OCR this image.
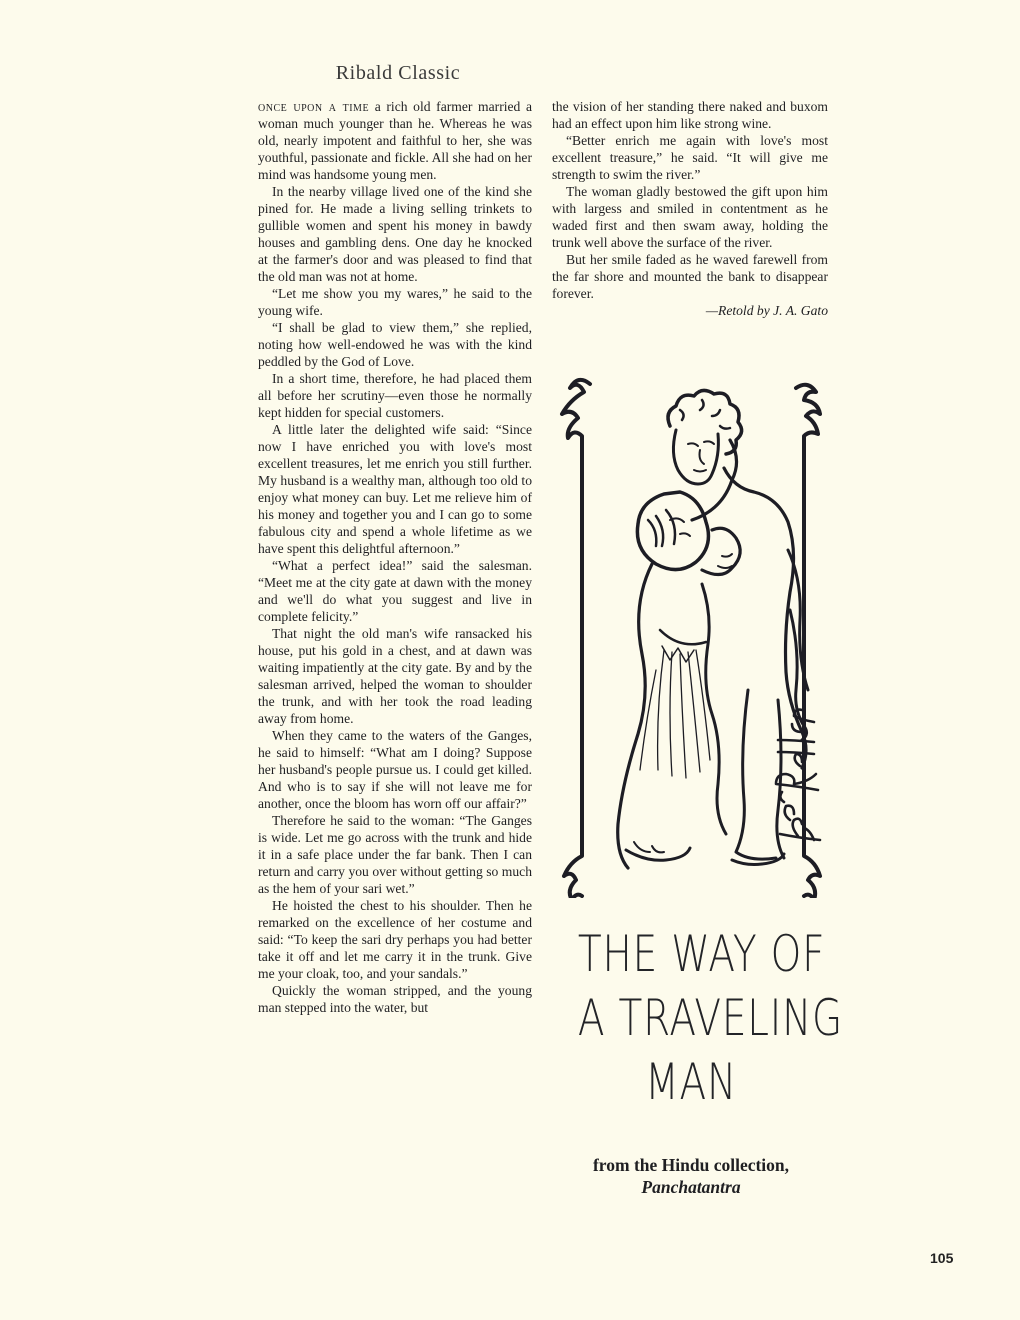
Ribald Classic

once upon a time a rich old farmer married a woman much younger than he. Whereas he was old, nearly impotent and faithful to her, she was youthful, passionate and fickle. All she had on her mind was handsome young men.

In the nearby village lived one of the kind she pined for. He made a living selling trinkets to gullible women and spent his money in bawdy houses and gambling dens. One day he knocked at the farmer's door and was pleased to find that the old man was not at home.

“Let me show you my wares,” he said to the young wife.

“I shall be glad to view them,” she replied, noting how well-endowed he was with the kind peddled by the God of Love.

In a short time, therefore, he had placed them all before her scrutiny—even those he normally kept hidden for special customers.

A little later the delighted wife said: “Since now I have enriched you with love's most excellent treasures, let me enrich you still further. My husband is a wealthy man, although too old to enjoy what money can buy. Let me relieve him of his money and together you and I can go to some fabulous city and spend a whole lifetime as we have spent this delightful afternoon.”

“What a perfect idea!” said the salesman. “Meet me at the city gate at dawn with the money and we'll do what you suggest and live in complete felicity.”

That night the old man's wife ransacked his house, put his gold in a chest, and at dawn was waiting impatiently at the city gate. By and by the salesman arrived, helped the woman to shoulder the trunk, and with her took the road leading away from home.

When they came to the waters of the Ganges, he said to himself: “What am I doing? Suppose her husband's people pursue us. I could get killed. And who is to say if she will not leave me for another, once the bloom has worn off our affair?”

Therefore he said to the woman: “The Ganges is wide. Let me go across with the trunk and hide it in a safe place under the far bank. Then I can return and carry you over without getting so much as the hem of your sari wet.”

He hoisted the chest to his shoulder. Then he remarked on the excellence of her costume and said: “To keep the sari dry perhaps you had better take it off and let me carry it in the trunk. Give me your cloak, too, and your sandals.”

Quickly the woman stripped, and the young man stepped into the water, but

the vision of her standing there naked and buxom had an effect upon him like strong wine.

“Better enrich me again with love's most excellent treasure,” he said. “It will give me strength to swim the river.”

The woman gladly bestowed the gift upon him with largess and smiled in contentment as he waded first and then swam away, holding the trunk well above the surface of the river.

But her smile faded as he waved farewell from the far shore and mounted the bank to disappear forever.

—Retold by J. A. Gato
THE WAY OF
A TRAVELING
MAN
from the Hindu collection,
Panchatantra
105
